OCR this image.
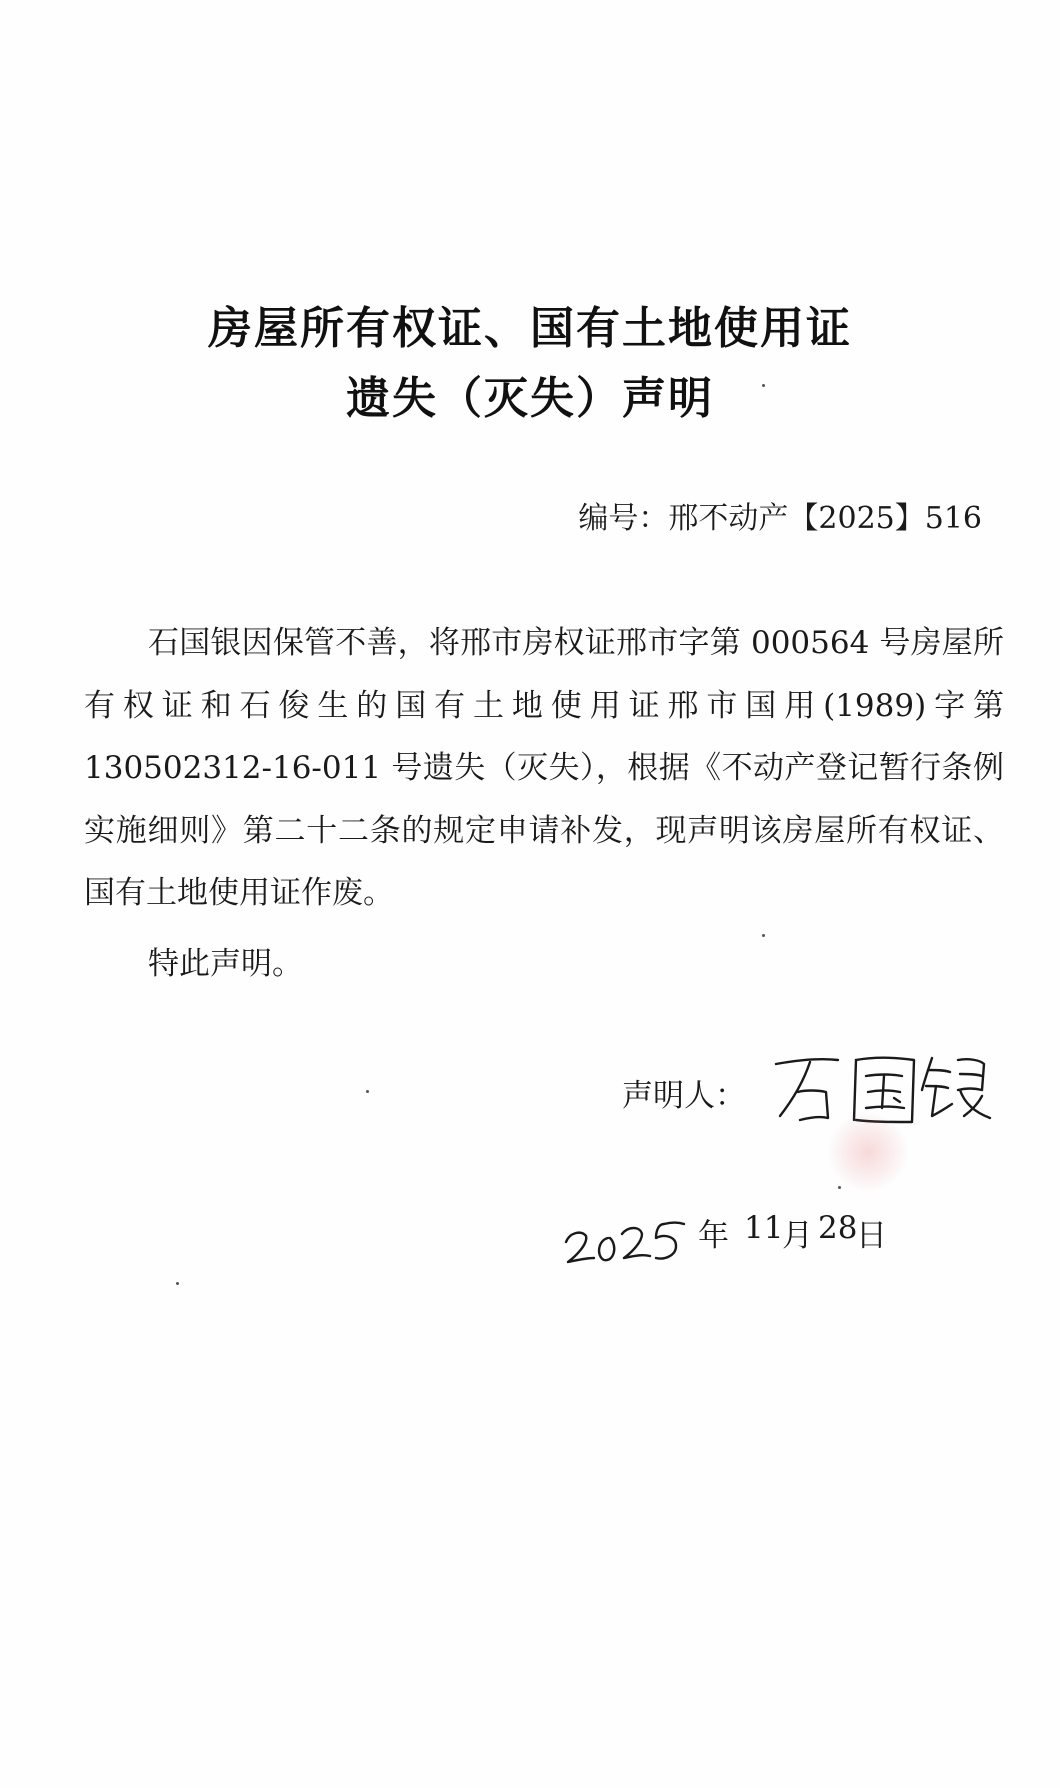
房屋所有权证、国有土地使用证
遗失（灭失）声明
编号：邢不动产【2025】516
石国银因保管不善，将邢市房权证邢市字第 000564 号房屋所有权证和石俊生的国有土地使用证邢市国用(1989)字第130502312-16-011 号遗失（灭失），根据《不动产登记暂行条例实施细则》第二十二条的规定申请补发，现声明该房屋所有权证、国有土地使用证作废。
特此声明。
声明人：
年 11
月 28
日
